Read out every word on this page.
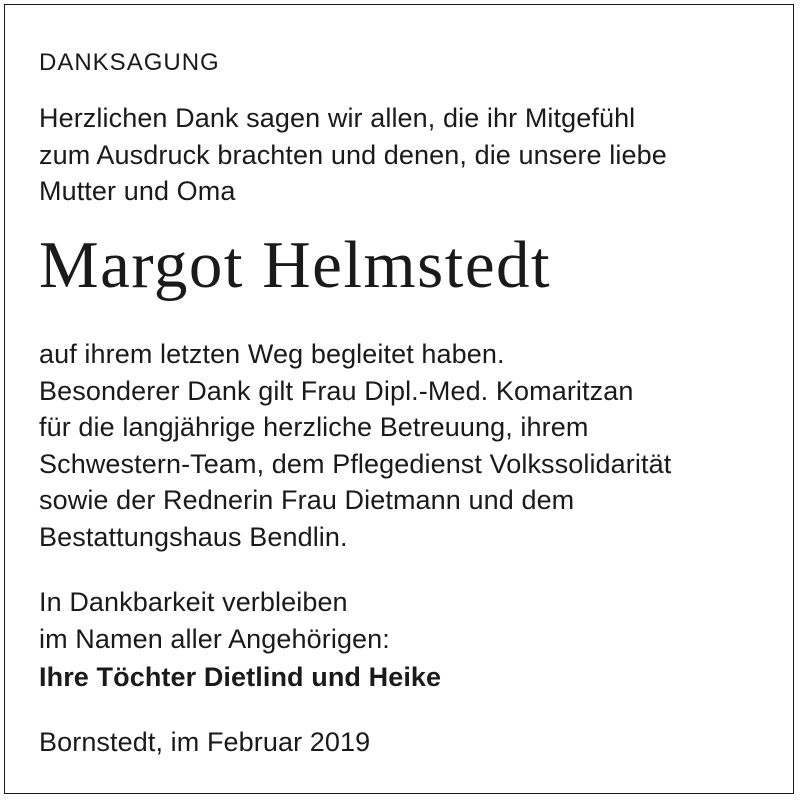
DANKSAGUNG
Herzlichen Dank sagen wir allen, die ihr Mitgefühl
zum Ausdruck brachten und denen, die unsere liebe
Mutter und Oma
Margot Helmstedt
auf ihrem letzten Weg begleitet haben.
Besonderer Dank gilt Frau Dipl.-Med. Komaritzan
für die langjährige herzliche Betreuung, ihrem
Schwestern-Team, dem Pflegedienst Volkssolidarität
sowie der Rednerin Frau Dietmann und dem
Bestattungshaus Bendlin.
In Dankbarkeit verbleiben
im Namen aller Angehörigen:
Ihre Töchter Dietlind und Heike
Bornstedt, im Februar 2019
